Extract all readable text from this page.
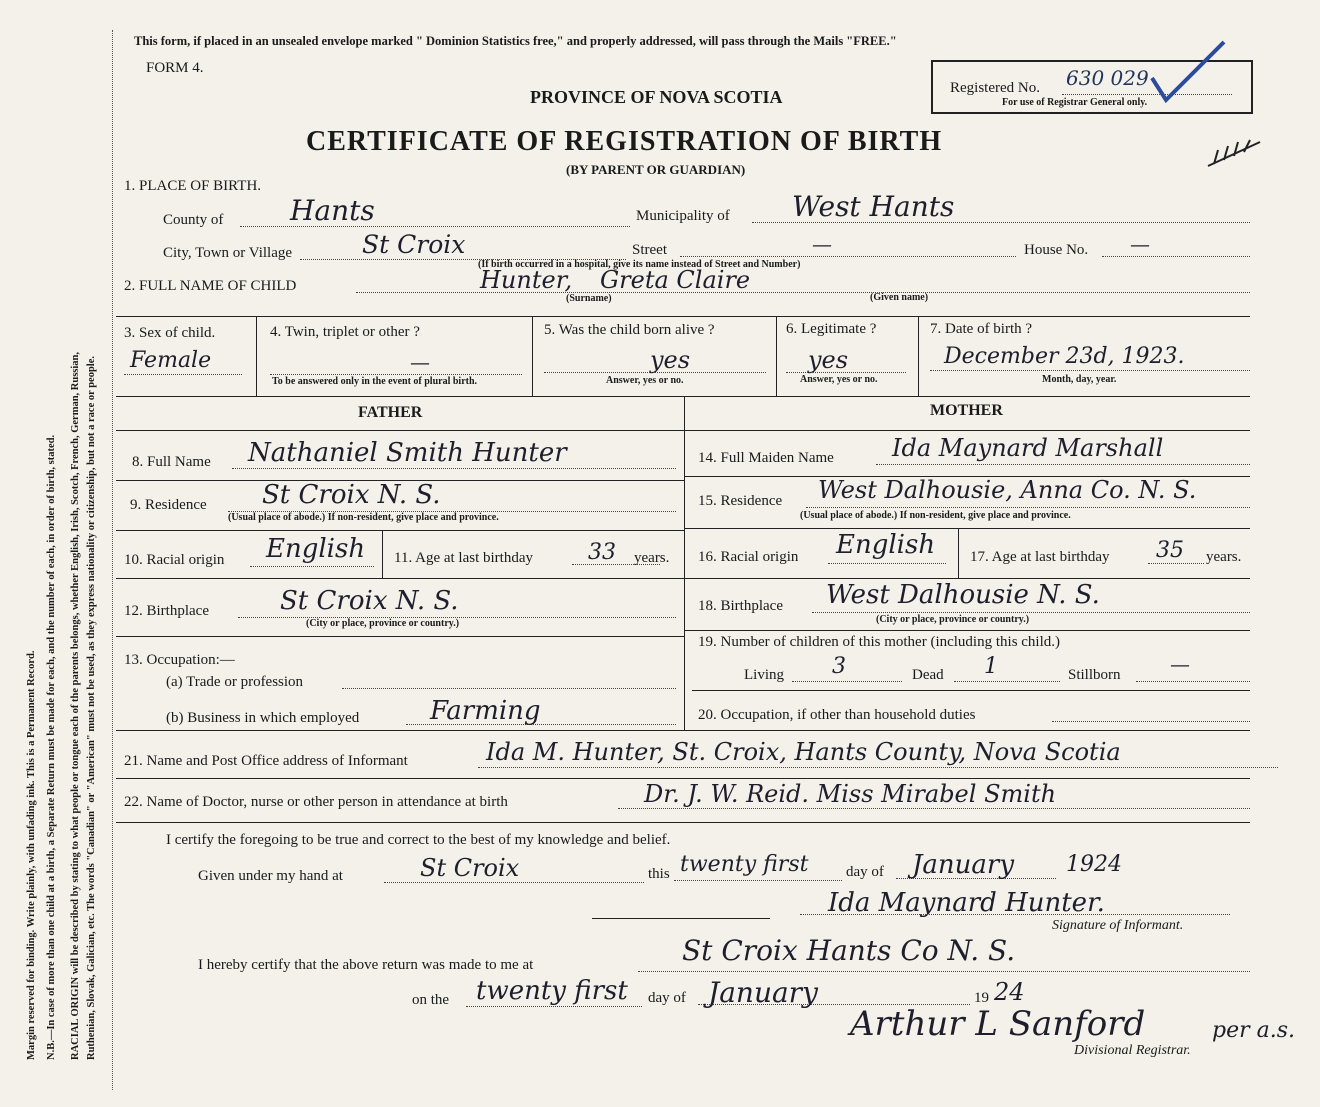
Margin reserved for binding. Write plainly, with unfading ink. This is a Permanent Record. N.B.—In case of more than one child at a birth, a Separate Return must be made for each, and the number of each, in order of birth, stated. RACIAL ORIGIN will be described by stating to what people or tongue each of the parents belongs, whether English, Irish, Scotch, French, German, Russian, Ruthenian, Slovak, Galician, etc. The words "Canadian" or "American" must not be used, as they express nationality or citizenship, but not a race or people.
This form, if placed in an unsealed envelope marked " Dominion Statistics free," and properly addressed, will pass through the Mails "FREE."
FORM 4.
PROVINCE OF NOVA SCOTIA
CERTIFICATE OF REGISTRATION OF BIRTH
(BY PARENT OR GUARDIAN)
Registered No. 630 029
For use of Registrar General only.
1. PLACE OF BIRTH.
County of Hants	Municipality of West Hants
City, Town or Village	St Croix	Street	—	House No. —
(If birth occurred in a hospital, give its name instead of Street and Number)
2. FULL NAME OF CHILD	Hunter, Greta Claire
(Surname)	(Given name)
3. Sex of child.
Female
4. Twin, triplet or other ?
—
To be answered only in the event of plural birth.
5. Was the child born alive ?
yes
Answer, yes or no.
6. Legitimate ?
yes
Answer, yes or no.
7. Date of birth ?
December 23d, 1923.
Month, day, year.
FATHER	MOTHER
8. Full Name Nathaniel Smith Hunter
9. Residence St Croix N. S.
(Usual place of abode.) If non-resident, give place and province.
10. Racial origin English 11. Age at last birthday	33 years.
12. Birthplace	St Croix N. S.
(City or place, province or country.)
13. Occupation:—
(a) Trade or profession
(b) Business in which employed	Farming
14. Full Maiden Name Ida Maynard Marshall
15. Residence West Dalhousie, Anna Co. N. S.
(Usual place of abode.) If non-resident, give place and province.
16. Racial origin English 17. Age at last birthday 35 years.
18. Birthplace West Dalhousie N. S.
(City or place, province or country.)
19. Number of children of this mother (including this child.)
Living 3	Dead 1	Stillborn —
20. Occupation, if other than household duties
21. Name and Post Office address of Informant	Ida M. Hunter, St. Croix, Hants County, Nova Scotia
22. Name of Doctor, nurse or other person in attendance at birth	Dr. J. W. Reid. Miss Mirabel Smith
I certify the foregoing to be true and correct to the best of my knowledge and belief.
Given under my hand at	St Croix	this twenty first	day of January 1924
Ida Maynard Hunter.
Signature of Informant.
I hereby certify that the above return was made to me at	St Croix Hants Co N. S.
on the twenty first day of January	19 24
Arthur L Sanford	per a.s.
Divisional Registrar.
